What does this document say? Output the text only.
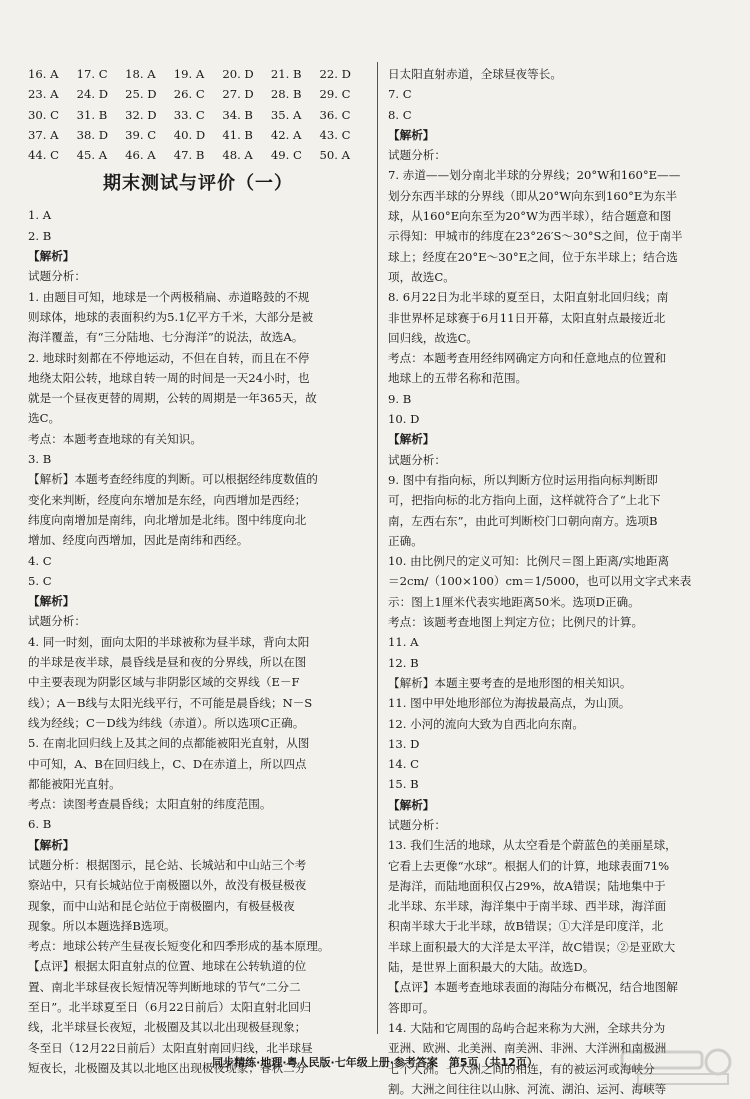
16. A	17. C	18. A	19. A	20. D	21. B	22. D
23. A	24. D	25. D	26. C	27. D	28. B	29. C
30. C	31. B	32. D	33. C	34. B	35. A	36. C
37. A	38. D	39. C	40. D	41. B	42. A	43. C
44. C	45. A	46. A	47. B	48. A	49. C	50. A
期末测试与评价（一）
1. A
2. B
【解析】
试题分析：
1. 由题目可知，地球是一个两极稍扁、赤道略鼓的不规
则球体，地球的表面积约为5.1亿平方千米，大部分是被
海洋覆盖，有“三分陆地、七分海洋”的说法，故选A。
2. 地球时刻都在不停地运动，不但在自转，而且在不停
地绕太阳公转，地球自转一周的时间是一天24小时，也
就是一个昼夜更替的周期，公转的周期是一年365天，故
选C。
考点：本题考查地球的有关知识。
3. B
【解析】本题考查经纬度的判断。可以根据经纬度数值的
变化来判断，经度向东增加是东经，向西增加是西经；
纬度向南增加是南纬，向北增加是北纬。图中纬度向北
增加、经度向西增加，因此是南纬和西经。
4. C
5. C
【解析】
试题分析：
4. 同一时刻，面向太阳的半球被称为昼半球，背向太阳
的半球是夜半球，晨昏线是昼和夜的分界线，所以在图
中主要表现为阴影区域与非阴影区域的交界线（E－F
线）；A－B线与太阳光线平行，不可能是晨昏线；N－S
线为经线；C－D线为纬线（赤道）。所以选项C正确。
5. 在南北回归线上及其之间的点都能被阳光直射，从图
中可知，A、B在回归线上，C、D在赤道上，所以四点
都能被阳光直射。
考点：读图考查晨昏线；太阳直射的纬度范围。
6. B
【解析】
试题分析：根据图示，昆仑站、长城站和中山站三个考
察站中，只有长城站位于南极圈以外，故没有极昼极夜
现象，而中山站和昆仑站位于南极圈内，有极昼极夜
现象。所以本题选择B选项。
考点：地球公转产生昼夜长短变化和四季形成的基本原理。
【点评】根据太阳直射点的位置、地球在公转轨道的位
置、南北半球昼夜长短情况等判断地球的节气“二分二
至日”。北半球夏至日（6月22日前后）太阳直射北回归
线，北半球昼长夜短，北极圈及其以北出现极昼现象；
冬至日（12月22日前后）太阳直射南回归线，北半球昼
短夜长，北极圈及其以北地区出现极夜现象；春秋二分
日太阳直射赤道，全球昼夜等长。
7. C
8. C
【解析】
试题分析：
7. 赤道——划分南北半球的分界线；20°W和160°E——
划分东西半球的分界线（即从20°W向东到160°E为东半
球，从160°E向东至为20°W为西半球），结合题意和图
示得知：甲城市的纬度在23°26′S～30°S之间，位于南半
球上；经度在20°E～30°E之间，位于东半球上；结合选
项，故选C。
8. 6月22日为北半球的夏至日，太阳直射北回归线；南
非世界杯足球赛于6月11日开幕，太阳直射点最接近北
回归线，故选C。
考点：本题考查用经纬网确定方向和任意地点的位置和
地球上的五带名称和范围。
9. B
10. D
【解析】
试题分析：
9. 图中有指向标，所以判断方位时运用指向标判断即
可，把指向标的北方指向上面，这样就符合了“上北下
南，左西右东”，由此可判断校门口朝向南方。选项B
正确。
10. 由比例尺的定义可知：比例尺＝图上距离/实地距离
＝2cm/（100×100）cm＝1/5000，也可以用文字式来表
示：图上1厘米代表实地距离50米。选项D正确。
考点：该题考查地图上判定方位；比例尺的计算。
11. A
12. B
【解析】本题主要考查的是地形图的相关知识。
11. 图中甲处地形部位为海拔最高点，为山顶。
12. 小河的流向大致为自西北向东南。
13. D
14. C
15. B
【解析】
试题分析：
13. 我们生活的地球，从太空看是个蔚蓝色的美丽星球，
它看上去更像“水球”。根据人们的计算，地球表面71%
是海洋，而陆地面积仅占29%，故A错误；陆地集中于
北半球、东半球，海洋集中于南半球、西半球，海洋面
积南半球大于北半球，故B错误；①大洋是印度洋，北
半球上面积最大的大洋是太平洋，故C错误；②是亚欧大
陆，是世界上面积最大的大陆。故选D。
【点评】本题考查地球表面的海陆分布概况，结合地图解
答即可。
14. 大陆和它周围的岛屿合起来称为大洲，全球共分为
亚洲、欧洲、北美洲、南美洲、非洲、大洋洲和南极洲
七个大洲。七大洲之间的相连，有的被运河或海峡分
割。大洲之间往往以山脉、河流、湖泊、运河、海峡等
同步精练·地理·粤人民版·七年级上册·参考答案　第5页（共12页）
